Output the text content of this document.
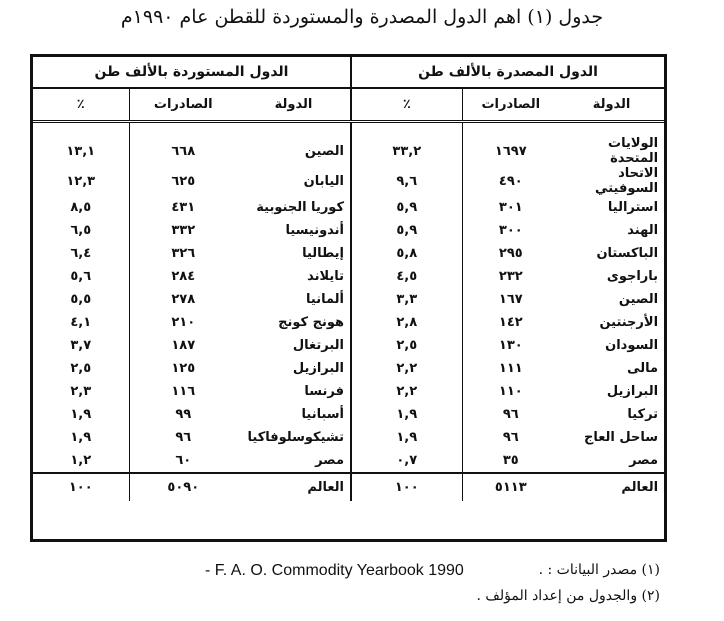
جدول (١) اهم الدول المصدرة والمستوردة للقطن عام ١٩٩٠م
الدول المصدرة بالألف طن			الدول المستوردة بالألف طن		
الدولة	الصادرات	٪	الدولة	الصادرات	٪

الولايات المتحدة	١٦٩٧	٣٣,٢	الصين	٦٦٨	١٣,١
الاتحاد السوفيتي	٤٩٠	٩,٦	اليابان	٦٢٥	١٢,٣
استراليا	٣٠١	٥,٩	كوريا الجنوبية	٤٣١	٨,٥
الهند	٣٠٠	٥,٩	أندونيسيا	٣٣٢	٦,٥
الباكستان	٢٩٥	٥,٨	إيطاليا	٣٢٦	٦,٤
باراجوى	٢٣٢	٤,٥	تايلاند	٢٨٤	٥,٦
الصين	١٦٧	٣,٣	ألمانيا	٢٧٨	٥,٥
الأرجنتين	١٤٢	٢,٨	هونج كونج	٢١٠	٤,١
السودان	١٣٠	٢,٥	البرتغال	١٨٧	٣,٧
مالى	١١١	٢,٢	البرازيل	١٢٥	٢,٥
البرازيل	١١٠	٢,٢	فرنسا	١١٦	٢,٣
تركيا	٩٦	١,٩	أسبانيا	٩٩	١,٩
ساحل العاج	٩٦	١,٩	تشيكوسلوفاكيا	٩٦	١,٩
مصر	٣٥	٠,٧	مصر	٦٠	١,٢
العالم	٥١١٣	١٠٠	العالم	٥٠٩٠	١٠٠
(١) مصدر البيانات : .
- F. A. O. Commodity Yearbook 1990
(٢) والجدول من إعداد المؤلف .
